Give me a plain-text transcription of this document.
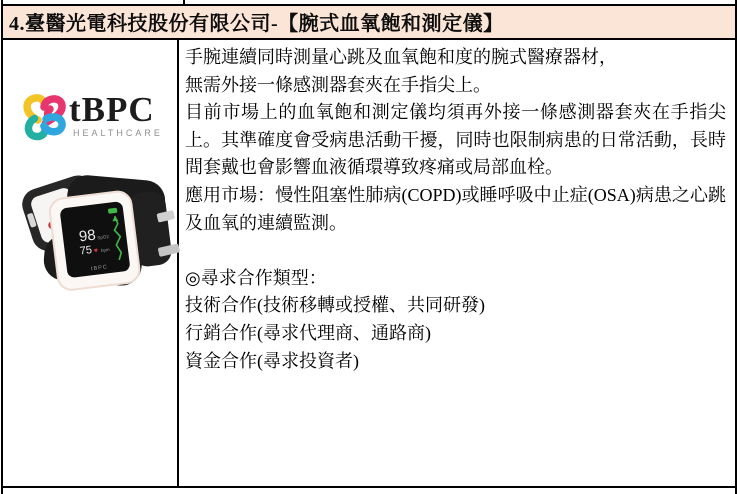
4.臺醫光電科技股份有限公司-【腕式血氧飽和測定儀】
tBPC
HEALTHCARE
98 SpO2
75 ♥ bpm
tBPC
手腕連續同時測量心跳及血氧飽和度的腕式醫療器材，
無需外接一條感測器套夾在手指尖上。
目前市場上的血氧飽和測定儀均須再外接一條感測器套夾在手指尖
上。其準確度會受病患活動干擾，同時也限制病患的日常活動，長時
間套戴也會影響血液循環導致疼痛或局部血栓。
應用市場：慢性阻塞性肺病(COPD)或睡呼吸中止症(OSA)病患之心跳
及血氧的連續監測。
◎尋求合作類型：
技術合作(技術移轉或授權、共同研發)
行銷合作(尋求代理商、通路商)
資金合作(尋求投資者)
